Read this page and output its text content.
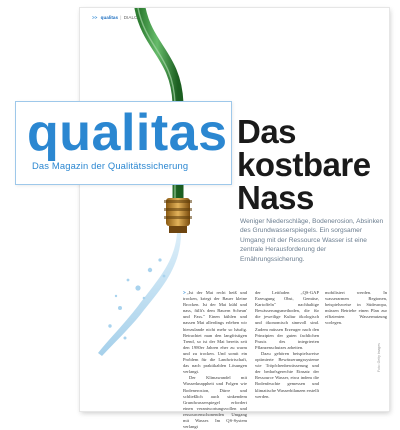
>> qualitas | DIALOGE
Das
kostbare
Nass
Weniger Niederschläge, Bodenerosion, Absinken des Grundwasserspiegels. Ein sorgsamer Umgang mit der Ressource Wasser ist eine zentrale Herausforderung der Ernährungssicherung.

>„Ist der Mai recht heiß und trocken, kriegt der Bauer kleine Brocken. Ist der Mai kühl und nass, füllt's dem Bauern Scheun' und Fass." Einen kühlen und nassen Mai allerdings erleben wir hierzulande nicht mehr so häufig. Betrachtet man den langfristigen Trend, so ist der Mai bereits seit den 1980er Jahren eher zu warm und zu trocken. Und somit ein Problem für die Landwirtschaft, das nach praktikablen Lösungen verlangt.

Der Klimawandel mit Wasserknappheit und Folgen wie Bodenerosion, Dürre und schließlich auch sinkendem Grundwasserspiegel erfordert einen verantwortungsvollen und ressourcenschonenden Umgang mit Wasser. Im QS-System verlangt

der Leitfaden „QS-GAP Erzeugung Obst, Gemüse, Kartoffeln" nachhaltige Bewässerungsmethoden, die für die jeweilige Kultur ökologisch und ökonomisch sinnvoll sind. Zudem müssen Erzeuger nach den Prinzipien der guten fachlichen Praxis des integrierten Pflanzenschutzes arbeiten.

Dazu gehören beispielsweise optimierte Bewässerungssysteme wie Tröpfchenbewässerung und der bedarfsgerechte Einsatz der Ressource Wasser, etwa indem die Bodenfeuchte gemessen und klimatische Wasserbilanzen erstellt werden.

mobilisiert werden. In wasserarmen Regionen, beispielsweise in Südeuropa, müssen Betriebe einen Plan zur effizienten Wassernutzung vorlegen.

Foto: Getty Images
qualitas
Das Magazin der Qualitätssicherung
